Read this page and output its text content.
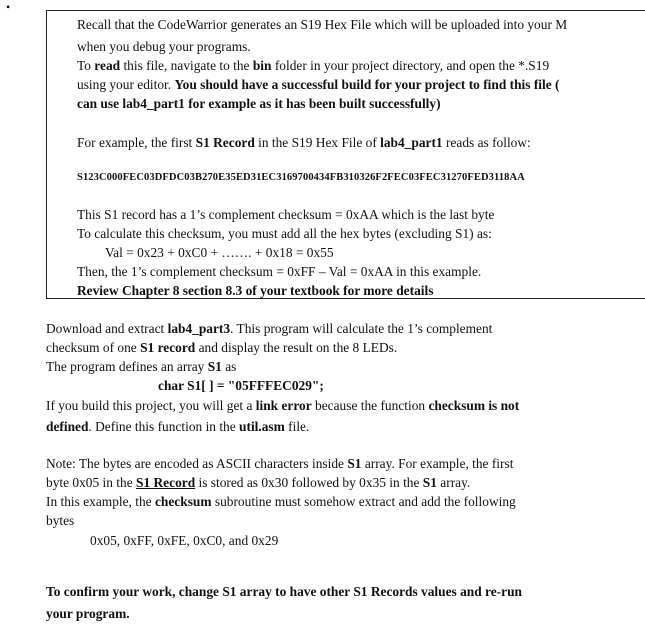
•
Recall that the CodeWarrior generates an S19 Hex File which will be uploaded into your M
when you debug your programs.
To read this file, navigate to the bin folder in your project directory, and open the *.S19
using your editor. You should have a successful build for your project to find this file (
can use lab4_part1 for example as it has been built successfully)
For example, the first S1 Record in the S19 Hex File of lab4_part1 reads as follow:
S123C000FEC03DFDC03B270E35ED31EC3169700434FB310326F2FEC03FEC31270FED3118AA
This S1 record has a 1’s complement checksum = 0xAA which is the last byte
To calculate this checksum, you must add all the hex bytes (excluding S1) as:
Val = 0x23 + 0xC0 + ……. + 0x18 = 0x55
Then, the 1’s complement checksum = 0xFF – Val = 0xAA in this example.
Review Chapter 8 section 8.3 of your textbook for more details
Download and extract lab4_part3. This program will calculate the 1’s complement
checksum of one S1 record and display the result on the 8 LEDs.
The program defines an array S1 as
char S1[ ] = "05FFFEC029";
If you build this project, you will get a link error because the function checksum is not
defined. Define this function in the util.asm file.
Note: The bytes are encoded as ASCII characters inside S1 array. For example, the first
byte 0x05 in the S1 Record is stored as 0x30 followed by 0x35 in the S1 array.
In this example, the checksum subroutine must somehow extract and add the following
bytes
0x05, 0xFF, 0xFE, 0xC0, and 0x29
To confirm your work, change S1 array to have other S1 Records values and re-run
your program.
